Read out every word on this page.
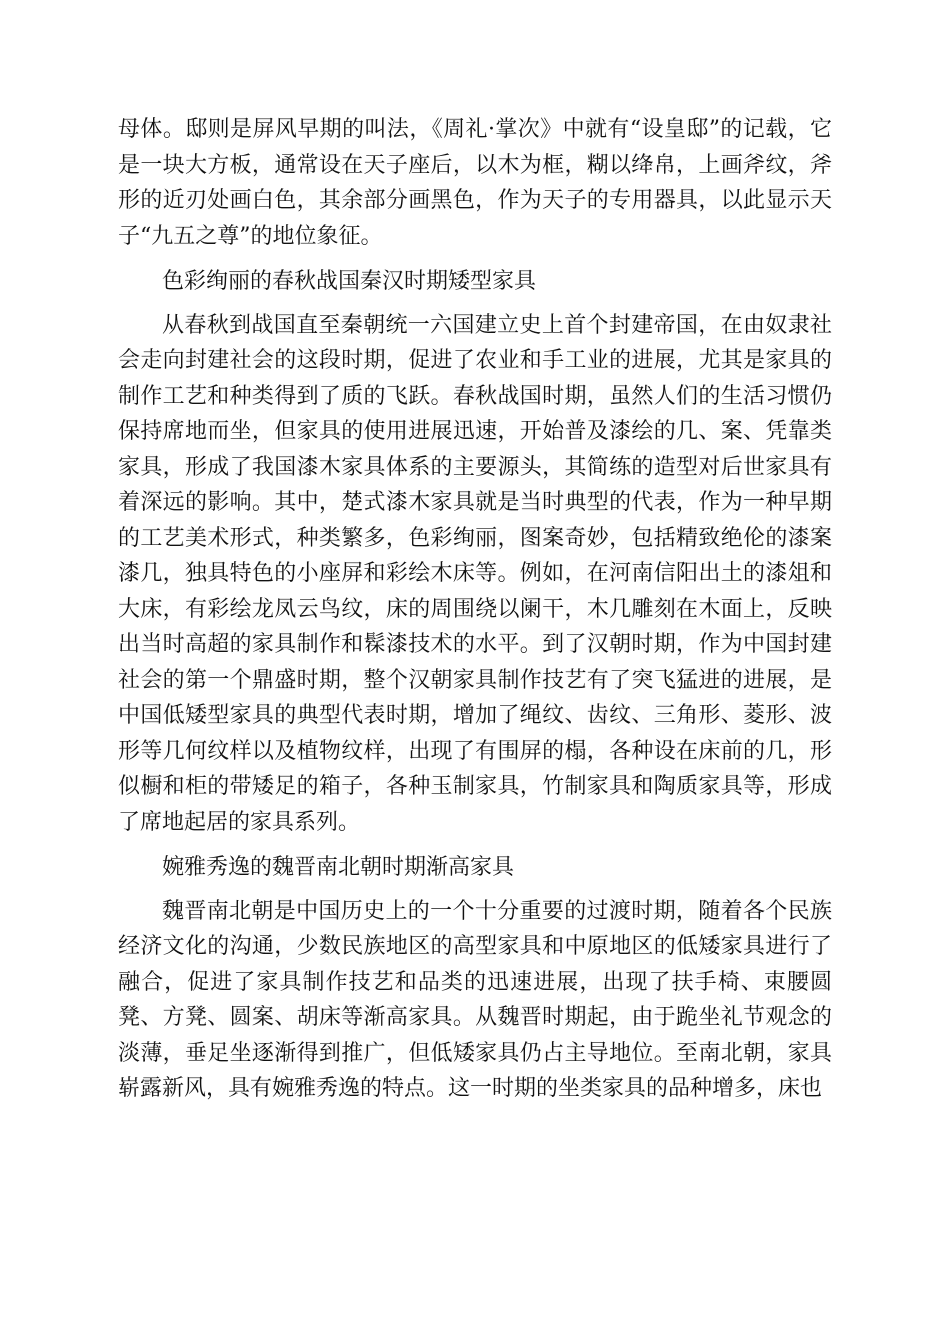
母体。邸则是屏风早期的叫法，《周礼·掌次》中就有“设皇邸”的记载，它是一块大方板，通常设在天子座后，以木为框，糊以绛帛，上画斧纹，斧形的近刃处画白色，其余部分画黑色，作为天子的专用器具，以此显示天子“九五之尊”的地位象征。

色彩绚丽的春秋战国秦汉时期矮型家具

从春秋到战国直至秦朝统一六国建立史上首个封建帝国，在由奴隶社会走向封建社会的这段时期，促进了农业和手工业的进展，尤其是家具的制作工艺和种类得到了质的飞跃。春秋战国时期，虽然人们的生活习惯仍保持席地而坐，但家具的使用进展迅速，开始普及漆绘的几、案、凭靠类家具，形成了我国漆木家具体系的主要源头，其简练的造型对后世家具有着深远的影响。其中，楚式漆木家具就是当时典型的代表，作为一种早期的工艺美术形式，种类繁多，色彩绚丽，图案奇妙，包括精致绝伦的漆案漆几，独具特色的小座屏和彩绘木床等。例如，在河南信阳出土的漆俎和大床，有彩绘龙凤云鸟纹，床的周围绕以阑干，木几雕刻在木面上，反映出当时高超的家具制作和髹漆技术的水平。到了汉朝时期，作为中国封建社会的第一个鼎盛时期，整个汉朝家具制作技艺有了突飞猛进的进展，是中国低矮型家具的典型代表时期，增加了绳纹、齿纹、三角形、菱形、波形等几何纹样以及植物纹样，出现了有围屏的榻，各种设在床前的几，形似橱和柜的带矮足的箱子，各种玉制家具，竹制家具和陶质家具等，形成了席地起居的家具系列。

婉雅秀逸的魏晋南北朝时期渐高家具

魏晋南北朝是中国历史上的一个十分重要的过渡时期，随着各个民族经济文化的沟通，少数民族地区的高型家具和中原地区的低矮家具进行了融合，促进了家具制作技艺和品类的迅速进展，出现了扶手椅、束腰圆凳、方凳、圆案、胡床等渐高家具。从魏晋时期起，由于跪坐礼节观念的淡薄，垂足坐逐渐得到推广，但低矮家具仍占主导地位。至南北朝，家具崭露新风，具有婉雅秀逸的特点。这一时期的坐类家具的品种增多，床也
